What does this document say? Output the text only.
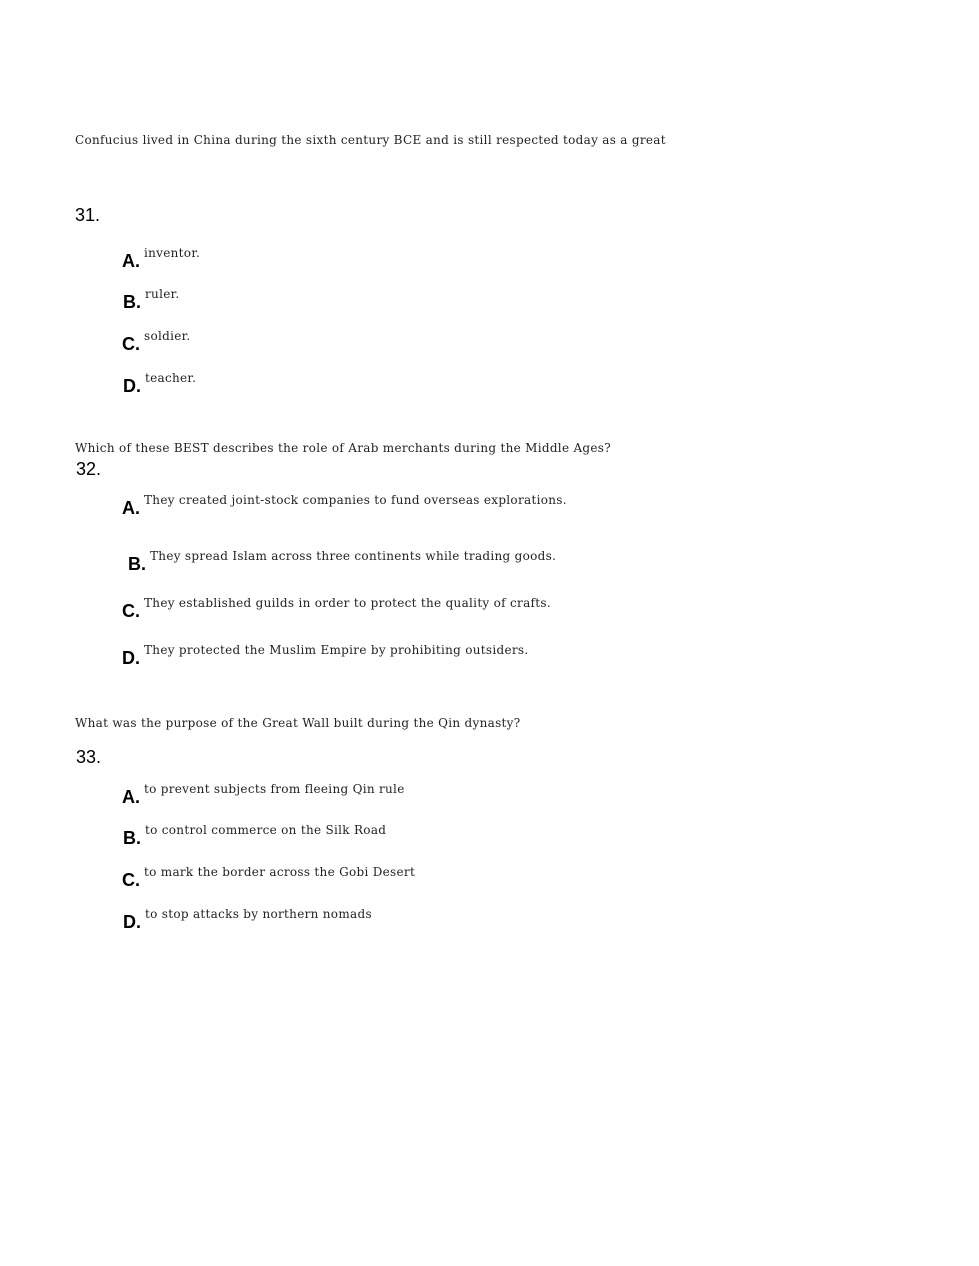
Confucius lived in China during the sixth century BCE and is still respected today as a great
31.
A. inventor.
B. ruler.
C. soldier.
D. teacher.
Which of these BEST describes the role of Arab merchants during the Middle Ages?
32.
A. They created joint-stock companies to fund overseas explorations.
B. They spread Islam across three continents while trading goods.
C. They established guilds in order to protect the quality of crafts.
D. They protected the Muslim Empire by prohibiting outsiders.
What was the purpose of the Great Wall built during the Qin dynasty?
33.
A. to prevent subjects from fleeing Qin rule
B. to control commerce on the Silk Road
C. to mark the border across the Gobi Desert
D. to stop attacks by northern nomads
